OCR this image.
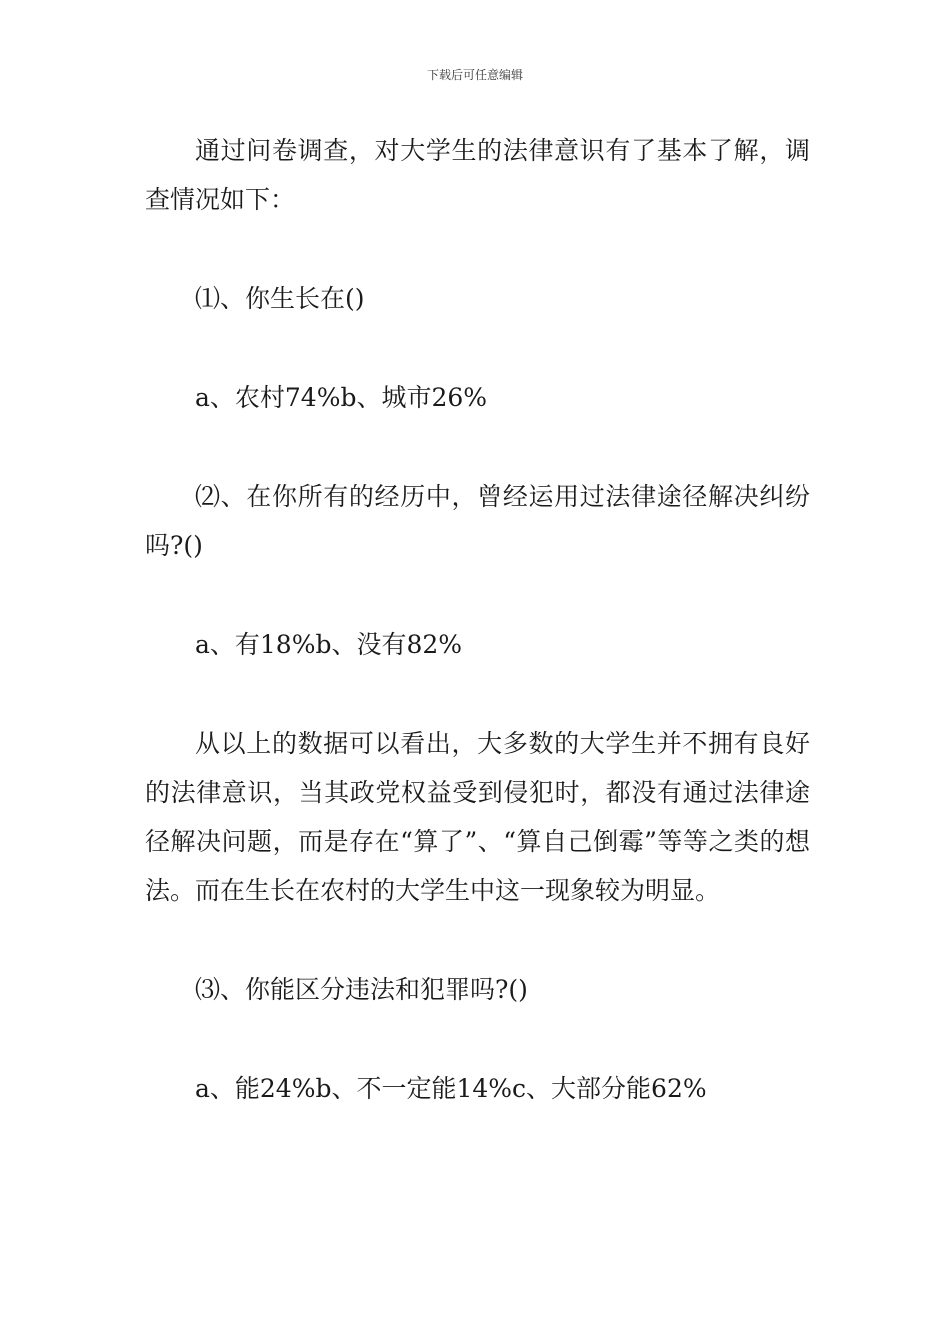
下载后可任意编辑

通过问卷调查，对大学生的法律意识有了基本了解，调查情况如下：

⑴、你生长在()

a、农村74%b、城市26%

⑵、在你所有的经历中，曾经运用过法律途径解决纠纷吗?()

a、有18%b、没有82%

从以上的数据可以看出，大多数的大学生并不拥有良好的法律意识，当其政党权益受到侵犯时，都没有通过法律途径解决问题，而是存在“算了”、“算自己倒霉”等等之类的想法。而在生长在农村的大学生中这一现象较为明显。

⑶、你能区分违法和犯罪吗?()

a、能24%b、不一定能14%c、大部分能62%
